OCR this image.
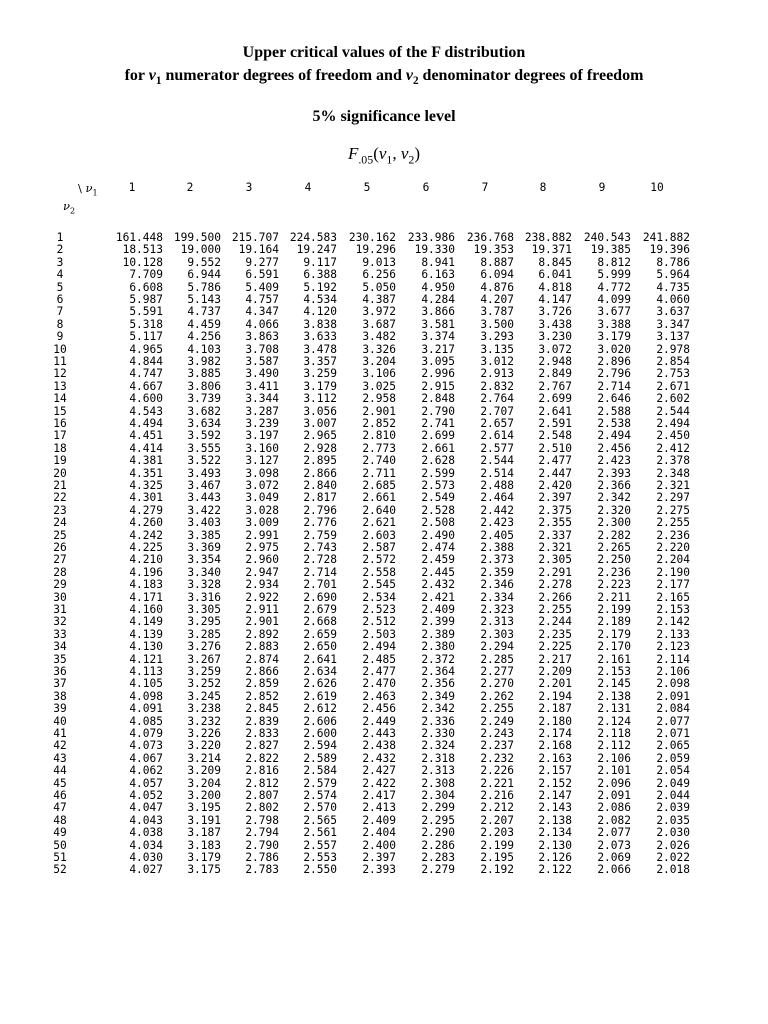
Upper critical values of the F distribution
for $\nu_1$ numerator degrees of freedom and $\nu_2$ denominator degrees of freedom
5% significance level
$F_{.05}(\nu_1$, $\nu_2$)
\ $\nu_1$
$\nu_2$
1	2	3	4	5	6	7	8	9	10
1	161.448 199.500 215.707 224.583	230.162	233.986	236.768 238.882	240.543	241.882
2	18.513	19.000	19.164	19.247	19.296	19.330	19.353	19.371	19.385	19.396
3	10.128	9.552	9.277	9.117	9.013	8.941	8.887	8.845	8.812	8.786
4	7.709	6.944	6.591	6.388	6.256	6.163	6.094	6.041	5.999	5.964
5	6.608	5.786	5.409	5.192	5.050	4.950	4.876	4.818	4.772	4.735
6	5.987	5.143	4.757	4.534	4.387	4.284	4.207	4.147	4.099	4.060
7	5.591	4.737	4.347	4.120	3.972	3.866	3.787	3.726	3.677	3.637
8	5.318	4.459	4.066	3.838	3.687	3.581	3.500	3.438	3.388	3.347
9	5.117	4.256	3.863	3.633	3.482	3.374	3.293	3.230	3.179	3.137
10	4.965	4.103	3.708	3.478	3.326	3.217	3.135	3.072	3.020	2.978
11	4.844	3.982	3.587	3.357	3.204	3.095	3.012	2.948	2.896	2.854
12	4.747	3.885	3.490	3.259	3.106	2.996	2.913	2.849	2.796	2.753
13	4.667	3.806	3.411	3.179	3.025	2.915	2.832	2.767	2.714	2.671
14	4.600	3.739	3.344	3.112	2.958	2.848	2.764	2.699	2.646	2.602
15	4.543	3.682	3.287	3.056	2.901	2.790	2.707	2.641	2.588	2.544
16	4.494	3.634	3.239	3.007	2.852	2.741	2.657	2.591	2.538	2.494
17	4.451	3.592	3.197	2.965	2.810	2.699	2.614	2.548	2.494	2.450
18	4.414	3.555	3.160	2.928	2.773	2.661	2.577	2.510	2.456	2.412
19	4.381	3.522	3.127	2.895	2.740	2.628	2.544	2.477	2.423	2.378
20	4.351	3.493	3.098	2.866	2.711	2.599	2.514	2.447	2.393	2.348
21	4.325	3.467	3.072	2.840	2.685	2.573	2.488	2.420	2.366	2.321
22	4.301	3.443	3.049	2.817	2.661	2.549	2.464	2.397	2.342	2.297
23	4.279	3.422	3.028	2.796	2.640	2.528	2.442	2.375	2.320	2.275
24	4.260	3.403	3.009	2.776	2.621	2.508	2.423	2.355	2.300	2.255
25	4.242	3.385	2.991	2.759	2.603	2.490	2.405	2.337	2.282	2.236
26	4.225	3.369	2.975	2.743	2.587	2.474	2.388	2.321	2.265	2.220
27	4.210	3.354	2.960	2.728	2.572	2.459	2.373	2.305	2.250	2.204
28	4.196	3.340	2.947	2.714	2.558	2.445	2.359	2.291	2.236	2.190
29	4.183	3.328	2.934	2.701	2.545	2.432	2.346	2.278	2.223	2.177
30	4.171	3.316	2.922	2.690	2.534	2.421	2.334	2.266	2.211	2.165
31	4.160	3.305	2.911	2.679	2.523	2.409	2.323	2.255	2.199	2.153
32	4.149	3.295	2.901	2.668	2.512	2.399	2.313	2.244	2.189	2.142
33	4.139	3.285	2.892	2.659	2.503	2.389	2.303	2.235	2.179	2.133
34	4.130	3.276	2.883	2.650	2.494	2.380	2.294	2.225	2.170	2.123
35	4.121	3.267	2.874	2.641	2.485	2.372	2.285	2.217	2.161	2.114
36	4.113	3.259	2.866	2.634	2.477	2.364	2.277	2.209	2.153	2.106
37	4.105	3.252	2.859	2.626	2.470	2.356	2.270	2.201	2.145	2.098
38	4.098	3.245	2.852	2.619	2.463	2.349	2.262	2.194	2.138	2.091
39	4.091	3.238	2.845	2.612	2.456	2.342	2.255	2.187	2.131	2.084
40	4.085	3.232	2.839	2.606	2.449	2.336	2.249	2.180	2.124	2.077
41	4.079	3.226	2.833	2.600	2.443	2.330	2.243	2.174	2.118	2.071
42	4.073	3.220	2.827	2.594	2.438	2.324	2.237	2.168	2.112	2.065
43	4.067	3.214	2.822	2.589	2.432	2.318	2.232	2.163	2.106	2.059
44	4.062	3.209	2.816	2.584	2.427	2.313	2.226	2.157	2.101	2.054
45	4.057	3.204	2.812	2.579	2.422	2.308	2.221	2.152	2.096	2.049
46	4.052	3.200	2.807	2.574	2.417	2.304	2.216	2.147	2.091	2.044
47	4.047	3.195	2.802	2.570	2.413	2.299	2.212	2.143	2.086	2.039
48	4.043	3.191	2.798	2.565	2.409	2.295	2.207	2.138	2.082	2.035
49	4.038	3.187	2.794	2.561	2.404	2.290	2.203	2.134	2.077	2.030
50	4.034	3.183	2.790	2.557	2.400	2.286	2.199	2.130	2.073	2.026
51	4.030	3.179	2.786	2.553	2.397	2.283	2.195	2.126	2.069	2.022
52	4.027	3.175	2.783	2.550	2.393	2.279	2.192	2.122	2.066	2.018
